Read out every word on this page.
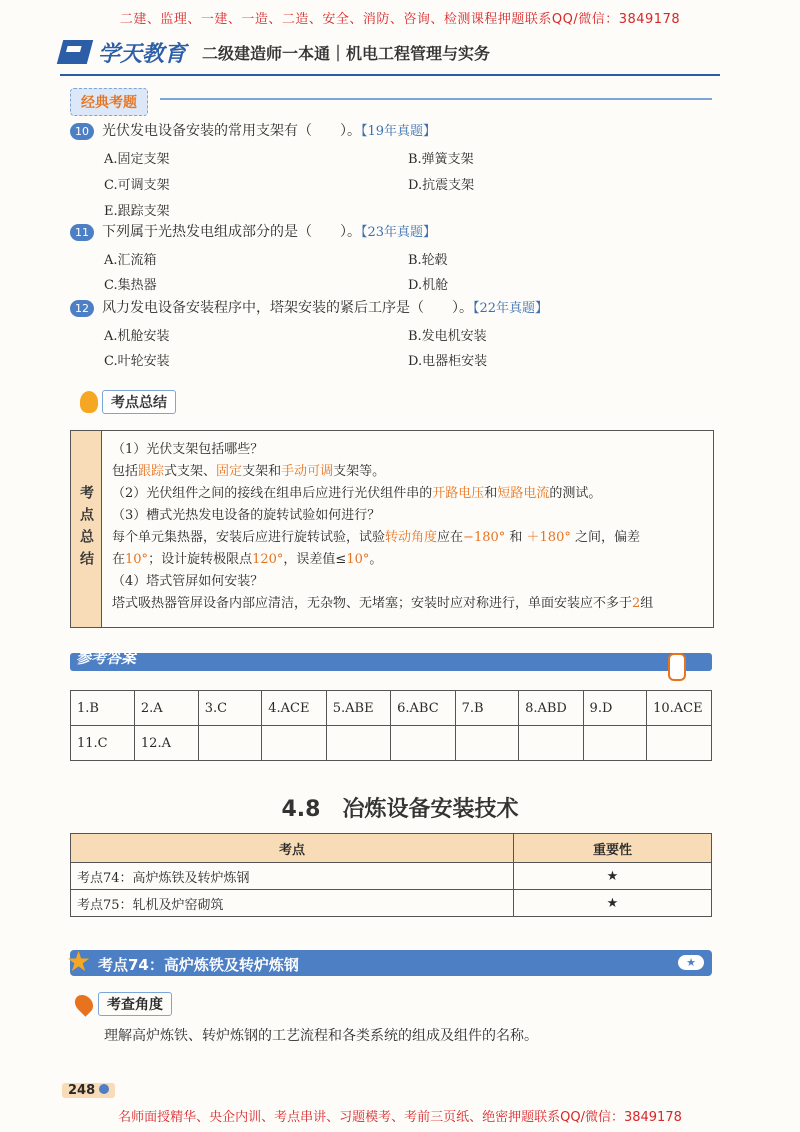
二建、监理、一建、一造、二造、安全、消防、咨询、检测课程押题联系QQ/微信：3849178
学天教育 二级建造师一本通｜机电工程管理与实务
经典考题
10 光伏发电设备安装的常用支架有（　　）。【19年真题】
A.固定支架	B.弹簧支架
C.可调支架	D.抗震支架
E.跟踪支架
11 下列属于光热发电组成部分的是（　　）。【23年真题】
A.汇流箱	B.轮毂
C.集热器	D.机舱
12 风力发电设备安装程序中，塔架安装的紧后工序是（　　）。【22年真题】
A.机舱安装	B.发电机安装
C.叶轮安装	D.电器柜安装
考点总结
考点总结
（1）光伏支架包括哪些？
包括跟踪式支架、固定支架和手动可调支架等。
（2）光伏组件之间的接线在组串后应进行光伏组件串的开路电压和短路电流的测试。
（3）槽式光热发电设备的旋转试验如何进行？
每个单元集热器，安装后应进行旋转试验，试验转动角度应在−180° 和 ＋180° 之间，偏差
在10°；设计旋转极限点120°，误差值≤10°。
（4）塔式管屏如何安装？
塔式吸热器管屏设备内部应清洁，无杂物、无堵塞；安装时应对称进行，单面安装应不多于2组
参考答案
1.B	2.A	3.C	4.ACE	5.ABE	6.ABC	7.B	8.ABD	9.D	10.ACE
11.C	12.A								
4.8　冶炼设备安装技术
考点	重要性
考点74：高炉炼铁及转炉炼钢	★
考点75：轧机及炉窑砌筑	★
★ 考点74：高炉炼铁及转炉炼钢	★
考查角度
理解高炉炼铁、转炉炼钢的工艺流程和各类系统的组成及组件的名称。
248
名师面授精华、央企内训、考点串讲、习题模考、考前三页纸、绝密押题联系QQ/微信：3849178
